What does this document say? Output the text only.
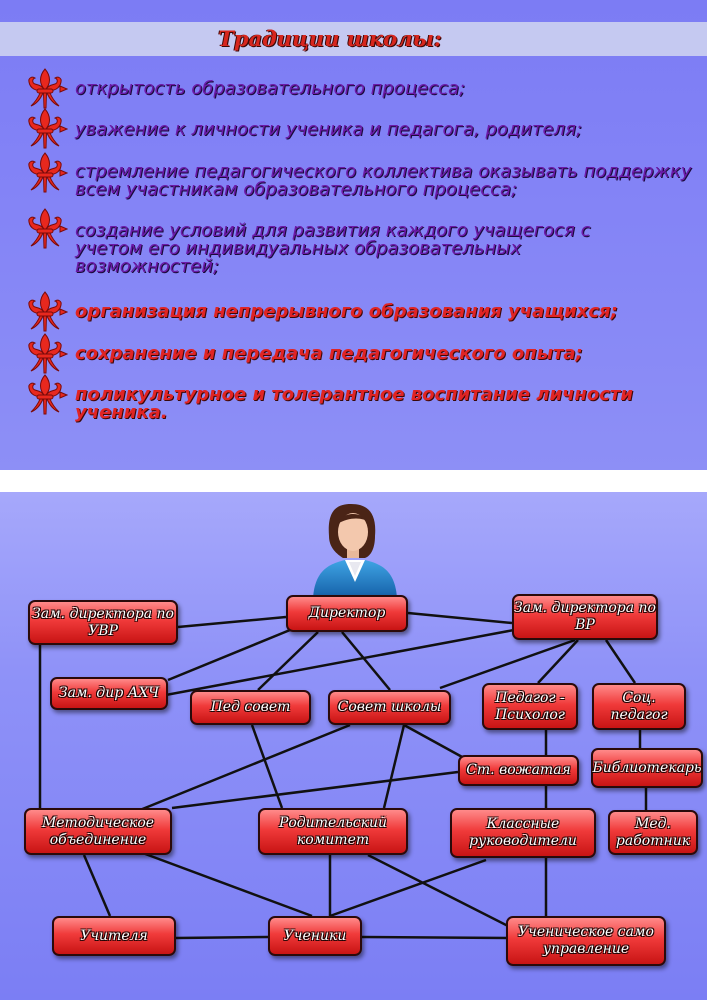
Традиции школы:
открытость образовательного процесса;
уважение к личности ученика и педагога, родителя;
стремление педагогического коллектива оказывать поддержку всем участникам образовательного процесса;
создание условий для развития каждого учащегося с учетом его индивидуальных образовательных возможностей;
организация непрерывного образования учащихся;
сохранение и передача педагогического опыта;
поликультурное и толерантное воспитание личности ученика.
Директор
Зам. директора по УВР
Зам. директора по ВР
Зам. дир АХЧ
Пед совет	Совет школы
Педагог - Психолог
Соц. педагог
Ст. вожатая	Библиотекарь
Методическое объединение
Родительский комитет
Классные руководители
Мед. работник
Учителя	Ученики	Ученическое само управление
